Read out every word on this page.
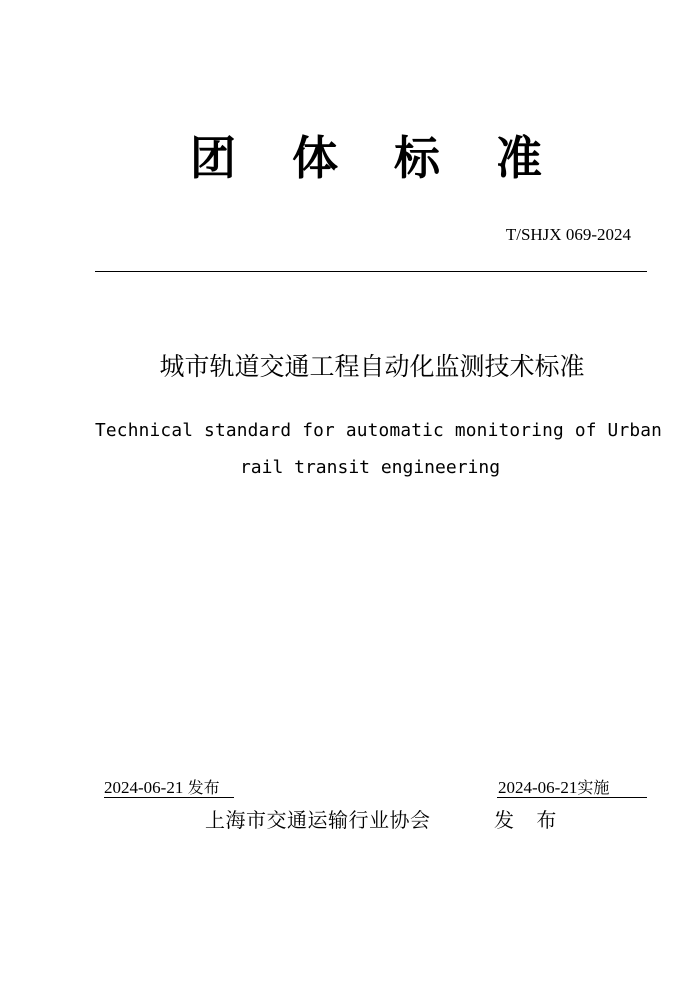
团 体 标 准
T/SHJX 069-2024
城市轨道交通工程自动化监测技术标准
Technical standard for automatic monitoring of Urban
rail transit engineering
2024-06-21 发布	2024-06-21实施
上海市交通运输行业协会	发 布
